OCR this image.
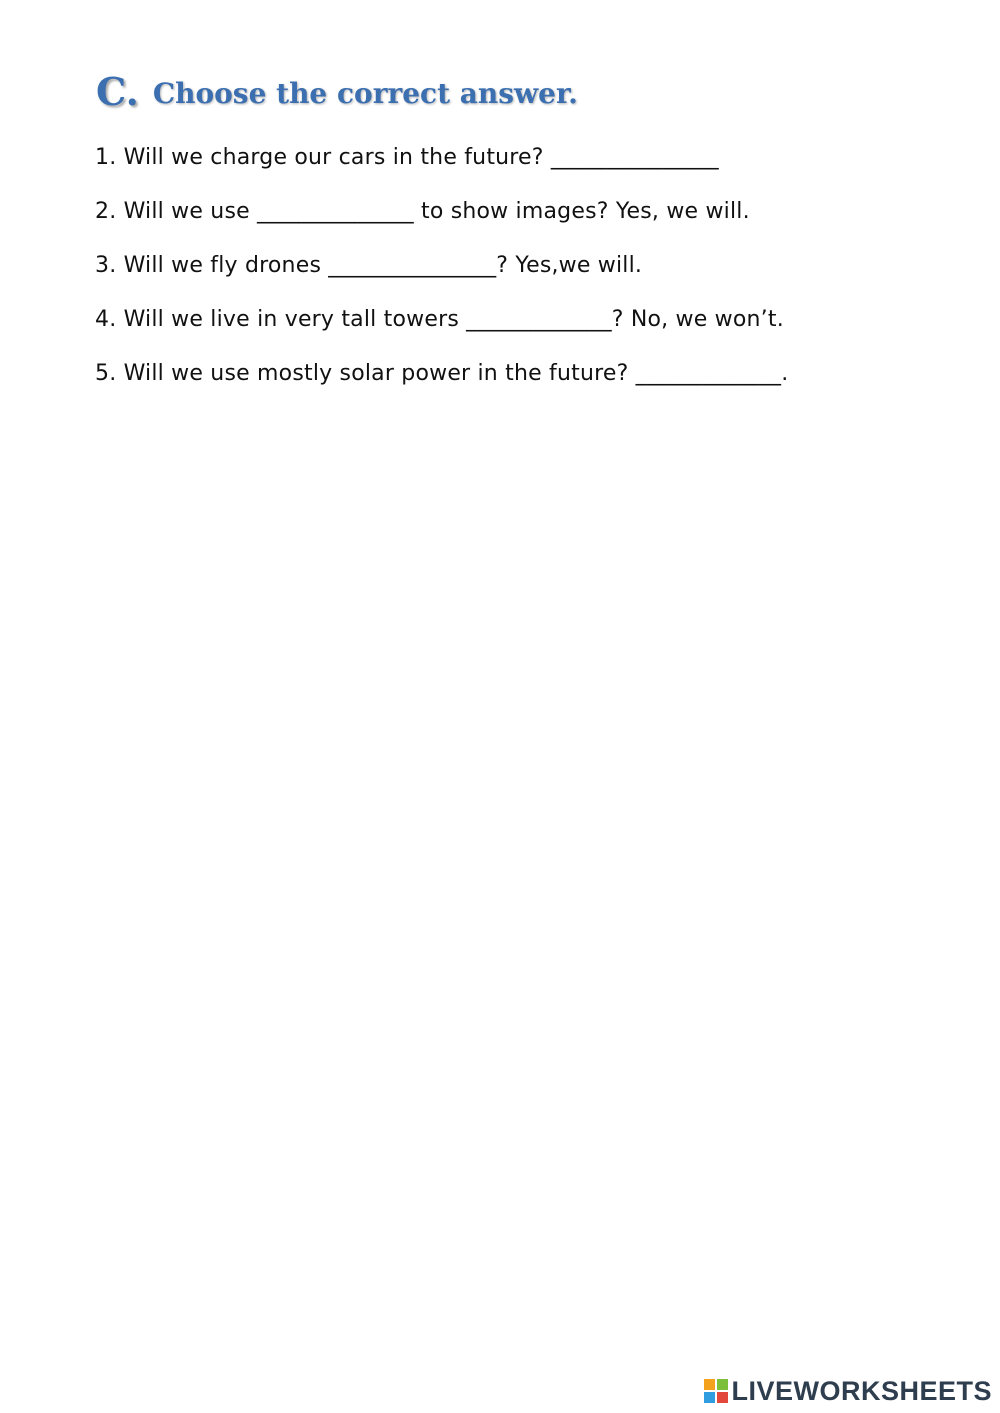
C. Choose the correct answer.
1. Will we charge our cars in the future? _______________
2. Will we use ______________ to show images? Yes, we will.
3. Will we fly drones _______________? Yes,we will.
4. Will we live in very tall towers _____________? No, we won’t.
5. Will we use mostly solar power in the future? _____________.
LIVEWORKSHEETS
